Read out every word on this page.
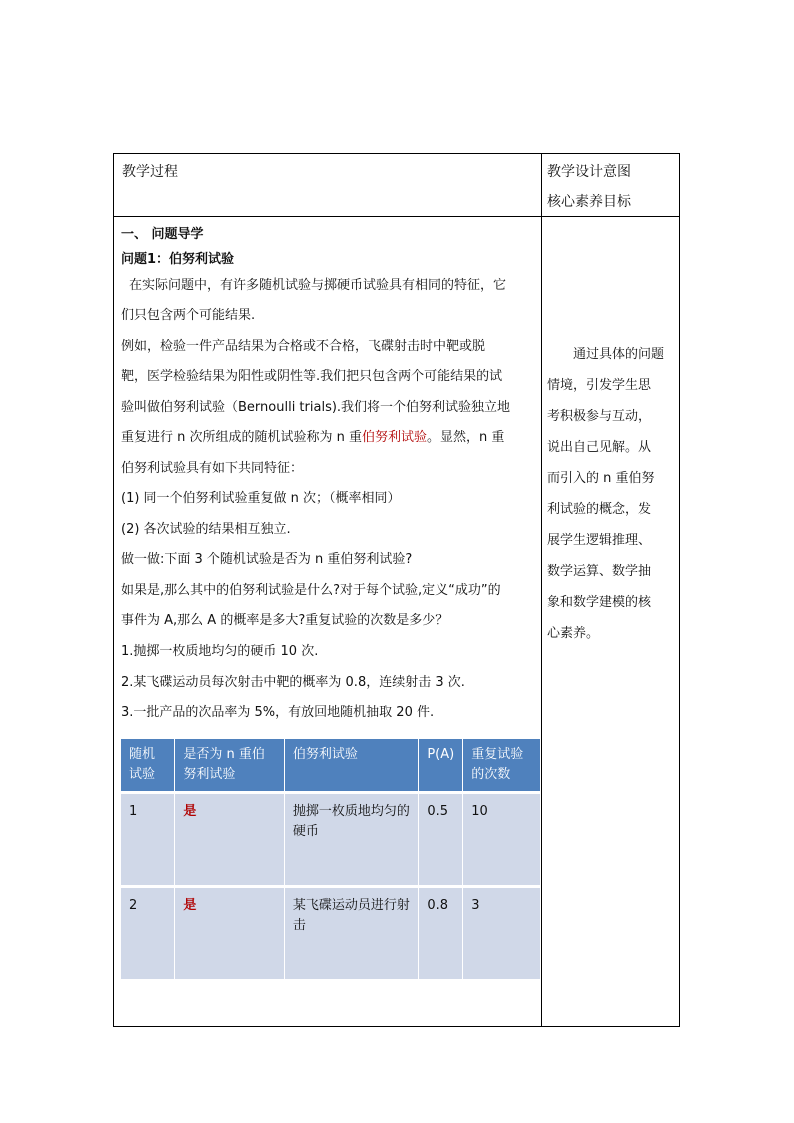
教学过程	教学设计意图
核心素养目标
一、 问题导学
问题1：伯努利试验
在实际问题中，有许多随机试验与掷硬币试验具有相同的特征，它
们只包含两个可能结果.
例如，检验一件产品结果为合格或不合格，飞碟射击时中靶或脱
靶，医学检验结果为阳性或阴性等.我们把只包含两个可能结果的试
验叫做伯努利试验（Bernoulli trials).我们将一个伯努利试验独立地
重复进行 n 次所组成的随机试验称为 n 重伯努利试验。显然，n 重
伯努利试验具有如下共同特征：
(1) 同一个伯努利试验重复做 n 次；（概率相同）
(2) 各次试验的结果相互独立.
做一做:下面 3 个随机试验是否为 n 重伯努利试验?
如果是,那么其中的伯努利试验是什么?对于每个试验,定义“成功”的
事件为 A,那么 A 的概率是多大?重复试验的次数是多少？
1.抛掷一枚质地均匀的硬币 10 次.
2.某飞碟运动员每次射击中靶的概率为 0.8，连续射击 3 次.
3.一批产品的次品率为 5%，有放回地随机抽取 20 件.
通过具体的问题
情境，引发学生思
考积极参与互动，
说出自己见解。从
而引入的 n 重伯努
利试验的概念，发
展学生逻辑推理、
数学运算、数学抽
象和数学建模的核
心素养。
随机试验	是否为 n 重伯努利试验	伯努利试验	P(A)	重复试验的次数
1	是	抛掷一枚质地均匀的硬币	0.5	10
2	是	某飞碟运动员进行射击	0.8	3
